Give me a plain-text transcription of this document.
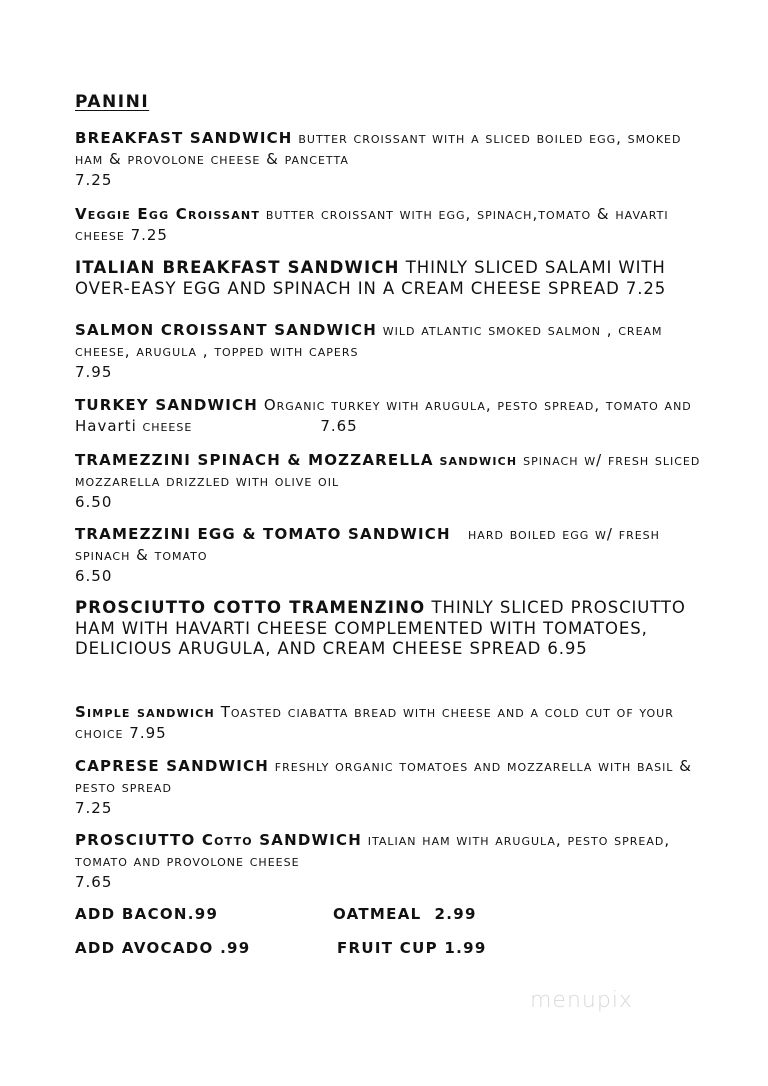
PANINI
BREAKFAST SANDWICH butter croissant with a sliced boiled egg, smoked ham & provolone cheese & pancetta
7.25
Veggie Egg Croissant butter croissant with egg, spinach,tomato & havarti cheese 7.25
ITALIAN BREAKFAST SANDWICH THINLY SLICED SALAMI WITH OVER-EASY EGG AND SPINACH IN A CREAM CHEESE SPREAD 7.25
SALMON CROISSANT SANDWICH wild atlantic smoked salmon , cream cheese, arugula , topped with capers
7.95
TURKEY SANDWICH Organic turkey with arugula, pesto spread, tomato and Havarti cheese	7.65
TRAMEZZINI SPINACH & MOZZARELLA sandwich spinach w/ fresh sliced mozzarella drizzled with olive oil
6.50
TRAMEZZINI EGG & TOMATO SANDWICH hard boiled egg w/ fresh spinach & tomato
6.50
PROSCIUTTO COTTO TRAMENZINO THINLY SLICED PROSCIUTTO HAM WITH HAVARTI CHEESE COMPLEMENTED WITH TOMATOES, DELICIOUS ARUGULA, AND CREAM CHEESE SPREAD 6.95
Simple sandwich Toasted ciabatta bread with cheese and a cold cut of your choice 7.95
CAPRESE SANDWICH freshly organic tomatoes and mozzarella with basil & pesto spread
7.25
PROSCIUTTO Cotto SANDWICH italian ham with arugula, pesto spread, tomato and provolone cheese
7.65
ADD BACON.99	OATMEAL  2.99
ADD AVOCADO .99	FRUIT CUP 1.99
menupix
